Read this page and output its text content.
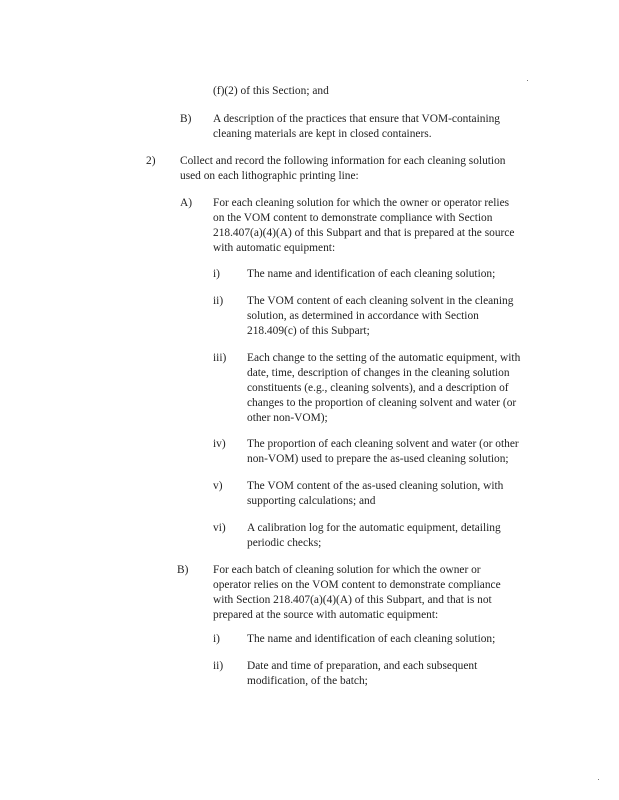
(f)(2) of this Section; and
B) A description of the practices that ensure that VOM-containing
cleaning materials are kept in closed containers.
2) Collect and record the following information for each cleaning solution
used on each lithographic printing line:
A) For each cleaning solution for which the owner or operator relies
on the VOM content to demonstrate compliance with Section
218.407(a)(4)(A) of this Subpart and that is prepared at the source
with automatic equipment:
i) The name and identification of each cleaning solution;
ii) The VOM content of each cleaning solvent in the cleaning
solution, as determined in accordance with Section
218.409(c) of this Subpart;
iii) Each change to the setting of the automatic equipment, with
date, time, description of changes in the cleaning solution
constituents (e.g., cleaning solvents), and a description of
changes to the proportion of cleaning solvent and water (or
other non-VOM);
iv) The proportion of each cleaning solvent and water (or other
non-VOM) used to prepare the as-used cleaning solution;
v) The VOM content of the as-used cleaning solution, with
supporting calculations; and
vi) A calibration log for the automatic equipment, detailing
periodic checks;
B) For each batch of cleaning solution for which the owner or
operator relies on the VOM content to demonstrate compliance
with Section 218.407(a)(4)(A) of this Subpart, and that is not
prepared at the source with automatic equipment:
i) The name and identification of each cleaning solution;
ii) Date and time of preparation, and each subsequent
modification, of the batch;
